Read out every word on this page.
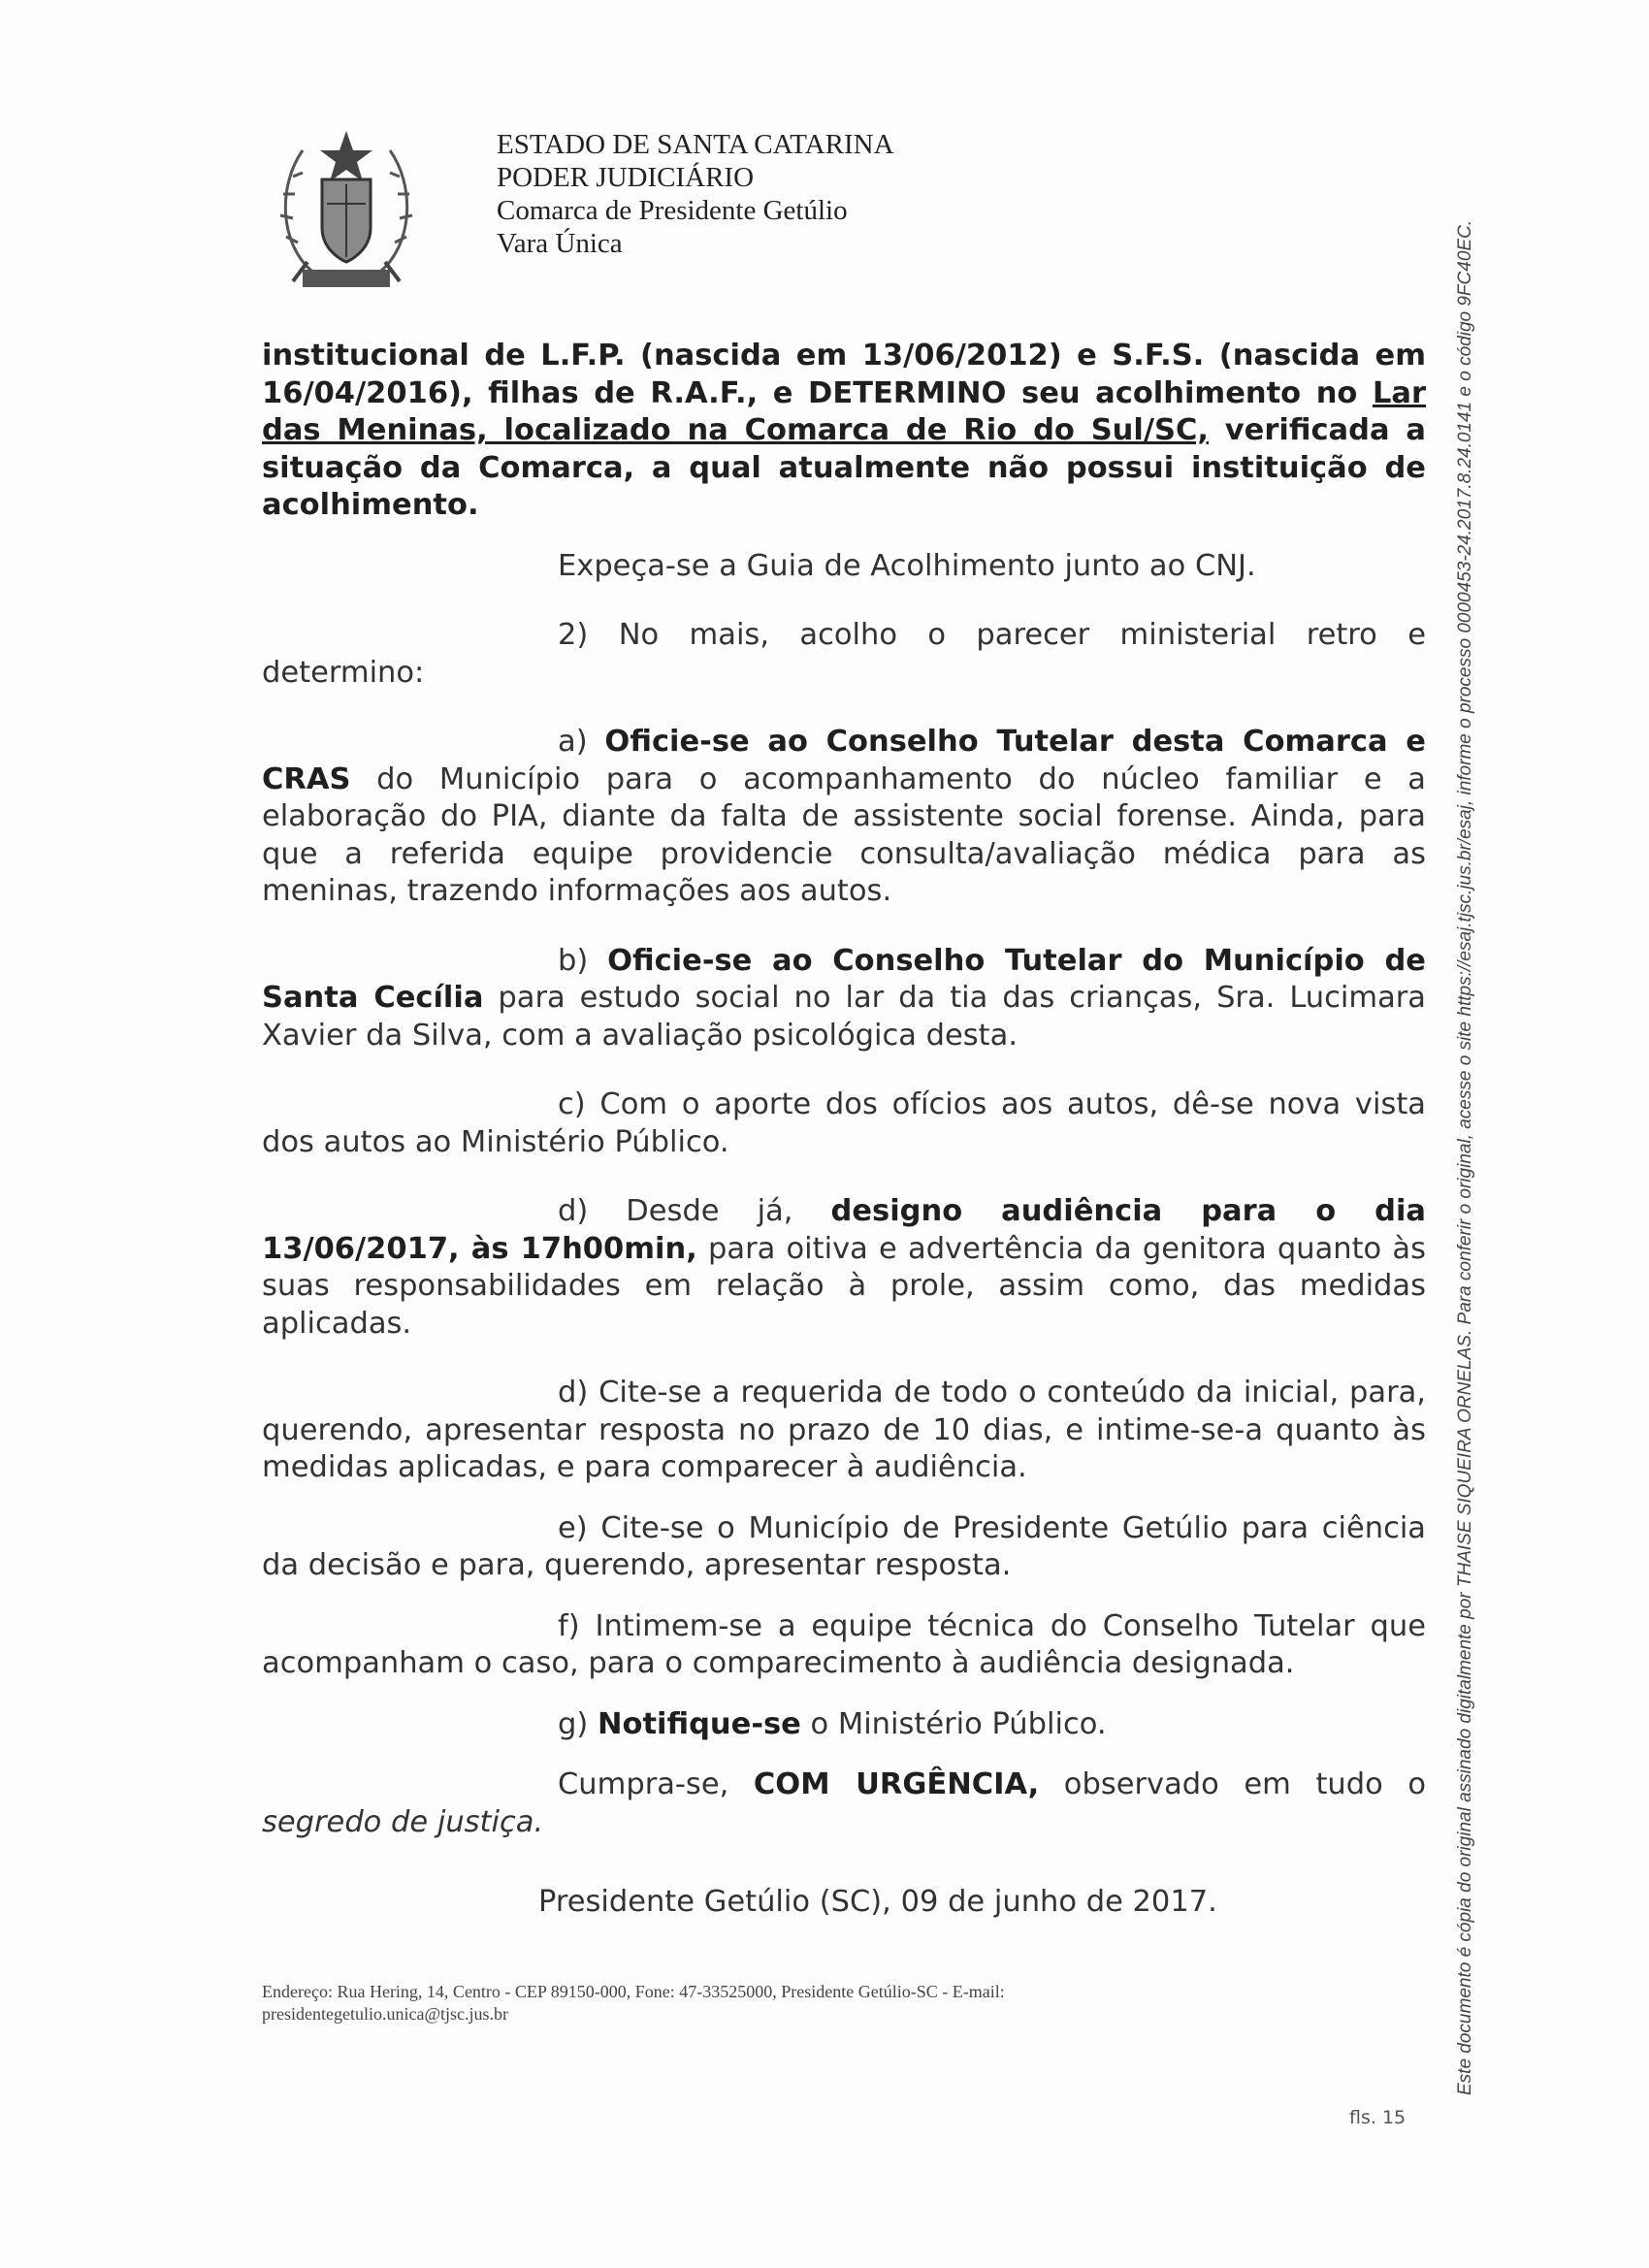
ESTADO DE SANTA CATARINA
PODER JUDICIÁRIO
Comarca de Presidente Getúlio
Vara Única

institucional de L.F.P. (nascida em 13/06/2012) e S.F.S. (nascida em 16/04/2016), filhas de R.A.F., e DETERMINO seu acolhimento no Lar das Meninas, localizado na Comarca de Rio do Sul/SC, verificada a situação da Comarca, a qual atualmente não possui instituição de acolhimento.

Expeça-se a Guia de Acolhimento junto ao CNJ.

2) No mais, acolho o parecer ministerial retro e determino:

a) Oficie-se ao Conselho Tutelar desta Comarca e CRAS do Município para o acompanhamento do núcleo familiar e a elaboração do PIA, diante da falta de assistente social forense. Ainda, para que a referida equipe providencie consulta/avaliação médica para as meninas, trazendo informações aos autos.

b) Oficie-se ao Conselho Tutelar do Município de Santa Cecília para estudo social no lar da tia das crianças, Sra. Lucimara Xavier da Silva, com a avaliação psicológica desta.

c) Com o aporte dos ofícios aos autos, dê-se nova vista dos autos ao Ministério Público.

d) Desde já, designo audiência para o dia 13/06/2017, às 17h00min, para oitiva e advertência da genitora quanto às suas responsabilidades em relação à prole, assim como, das medidas aplicadas.

d) Cite-se a requerida de todo o conteúdo da inicial, para, querendo, apresentar resposta no prazo de 10 dias, e intime-se-a quanto às medidas aplicadas, e para comparecer à audiência.

e) Cite-se o Município de Presidente Getúlio para ciência da decisão e para, querendo, apresentar resposta.

f) Intimem-se a equipe técnica do Conselho Tutelar que acompanham o caso, para o comparecimento à audiência designada.

g) Notifique-se o Ministério Público.

Cumpra-se, COM URGÊNCIA, observado em tudo o segredo de justiça.

Presidente Getúlio (SC), 09 de junho de 2017.

Endereço: Rua Hering, 14, Centro - CEP 89150-000, Fone: 47-33525000, Presidente Getúlio-SC - E-mail:
presidentegetulio.unica@tjsc.jus.br
fls. 15
Este documento é cópia do original assinado digitalmente por THAISE SIQUEIRA ORNELAS. Para conferir o original, acesse o site https://esaj.tjsc.jus.br/esaj, informe o processo 0000453-24.2017.8.24.0141 e o código 9FC40EC.
